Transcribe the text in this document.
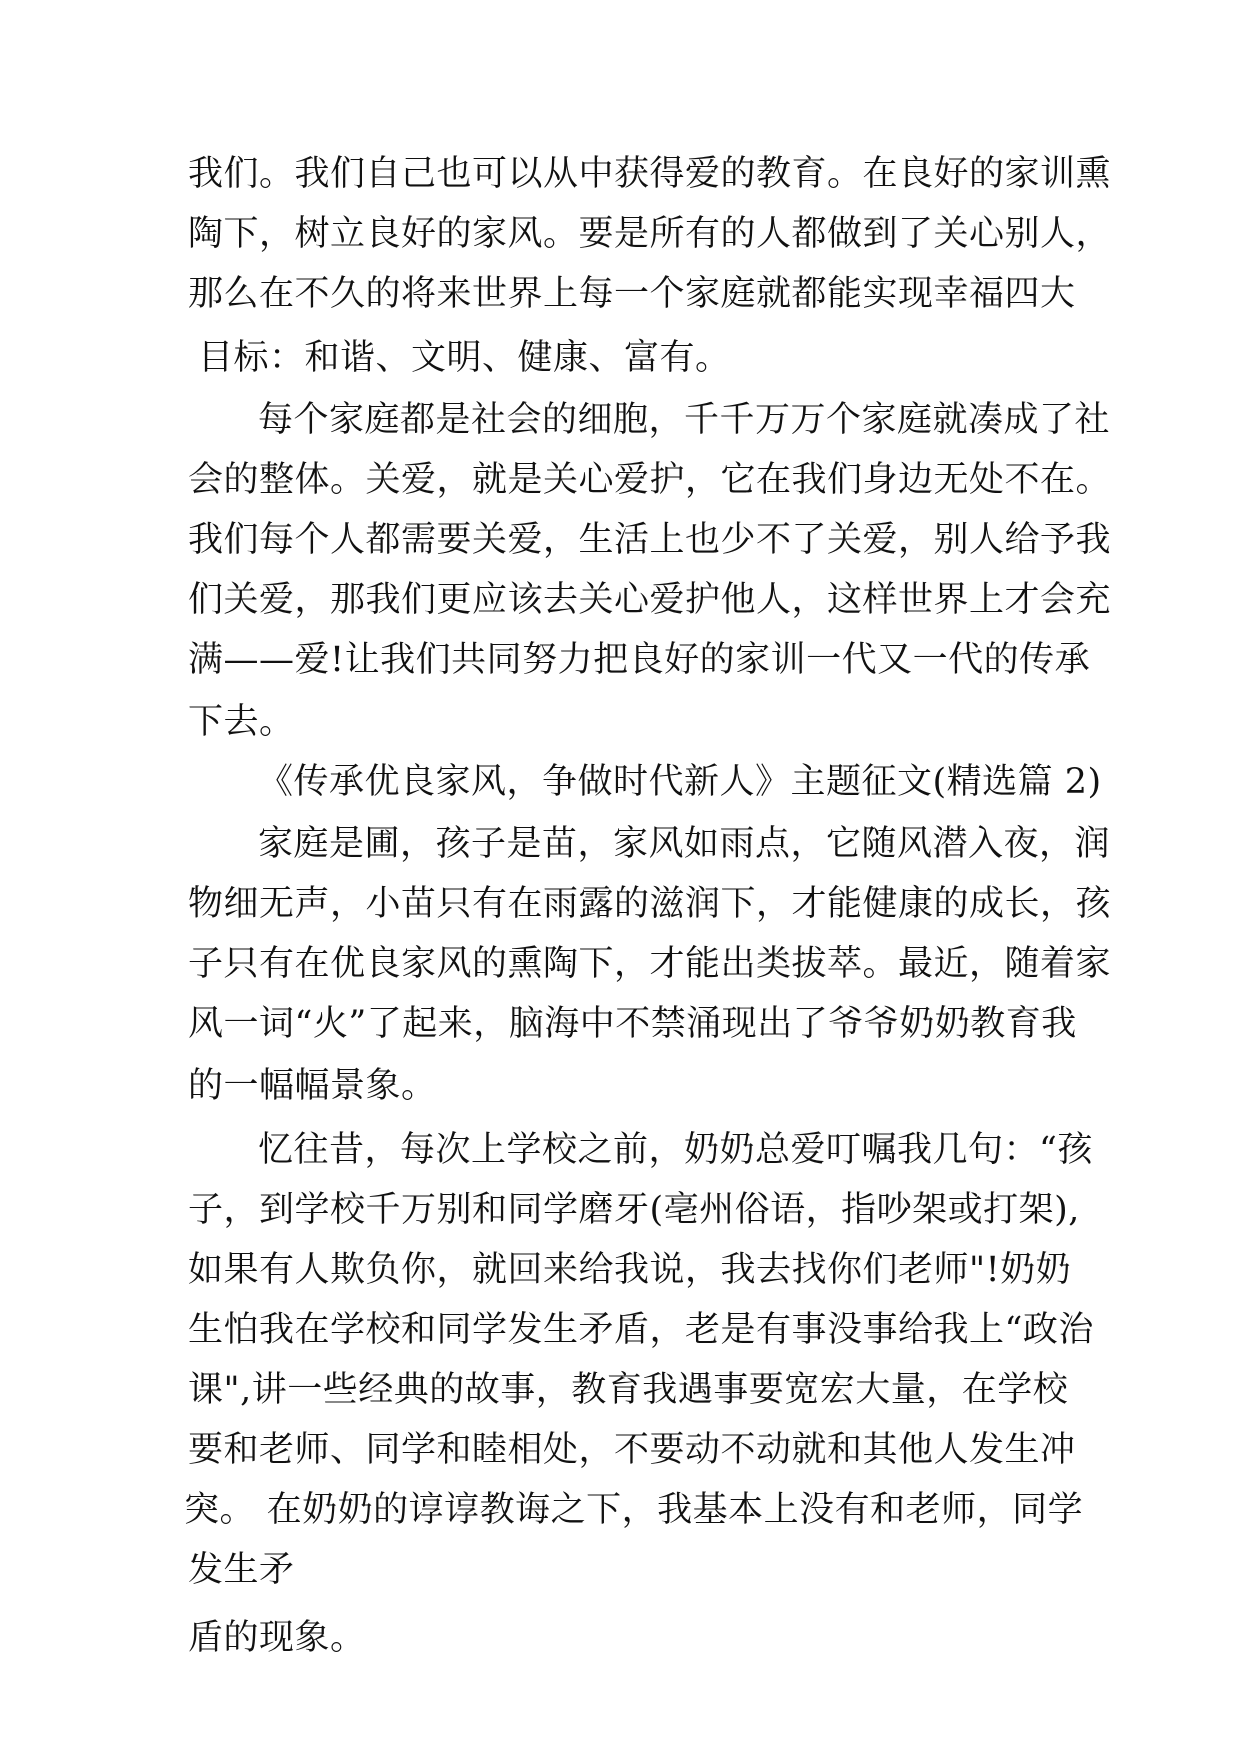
我们。我们自己也可以从中获得爱的教育。在良好的家训熏
陶下，树立良好的家风。要是所有的人都做到了关心别人，
那么在不久的将来世界上每一个家庭就都能实现幸福四大
目标：和谐、文明、健康、富有。
每个家庭都是社会的细胞，千千万万个家庭就凑成了社
会的整体。关爱，就是关心爱护，它在我们身边无处不在。
我们每个人都需要关爱，生活上也少不了关爱，别人给予我
们关爱，那我们更应该去关心爱护他人，这样世界上才会充
满——爱!让我们共同努力把良好的家训一代又一代的传承
下去。
《传承优良家风，争做时代新人》主题征文(精选篇 2)
家庭是圃，孩子是苗，家风如雨点，它随风潜入夜，润
物细无声，小苗只有在雨露的滋润下，才能健康的成长，孩
子只有在优良家风的熏陶下，才能出类拔萃。最近，随着家
风一词“火”了起来，脑海中不禁涌现出了爷爷奶奶教育我
的一幅幅景象。
忆往昔，每次上学校之前，奶奶总爱叮嘱我几句：“孩
子，到学校千万别和同学磨牙(亳州俗语，指吵架或打架),
如果有人欺负你，就回来给我说，我去找你们老师"!奶奶
生怕我在学校和同学发生矛盾，老是有事没事给我上“政治
课",讲一些经典的故事，教育我遇事要宽宏大量，在学校
要和老师、同学和睦相处，不要动不动就和其他人发生冲
突。 在奶奶的谆谆教诲之下，我基本上没有和老师，同学
发生矛
盾的现象。
